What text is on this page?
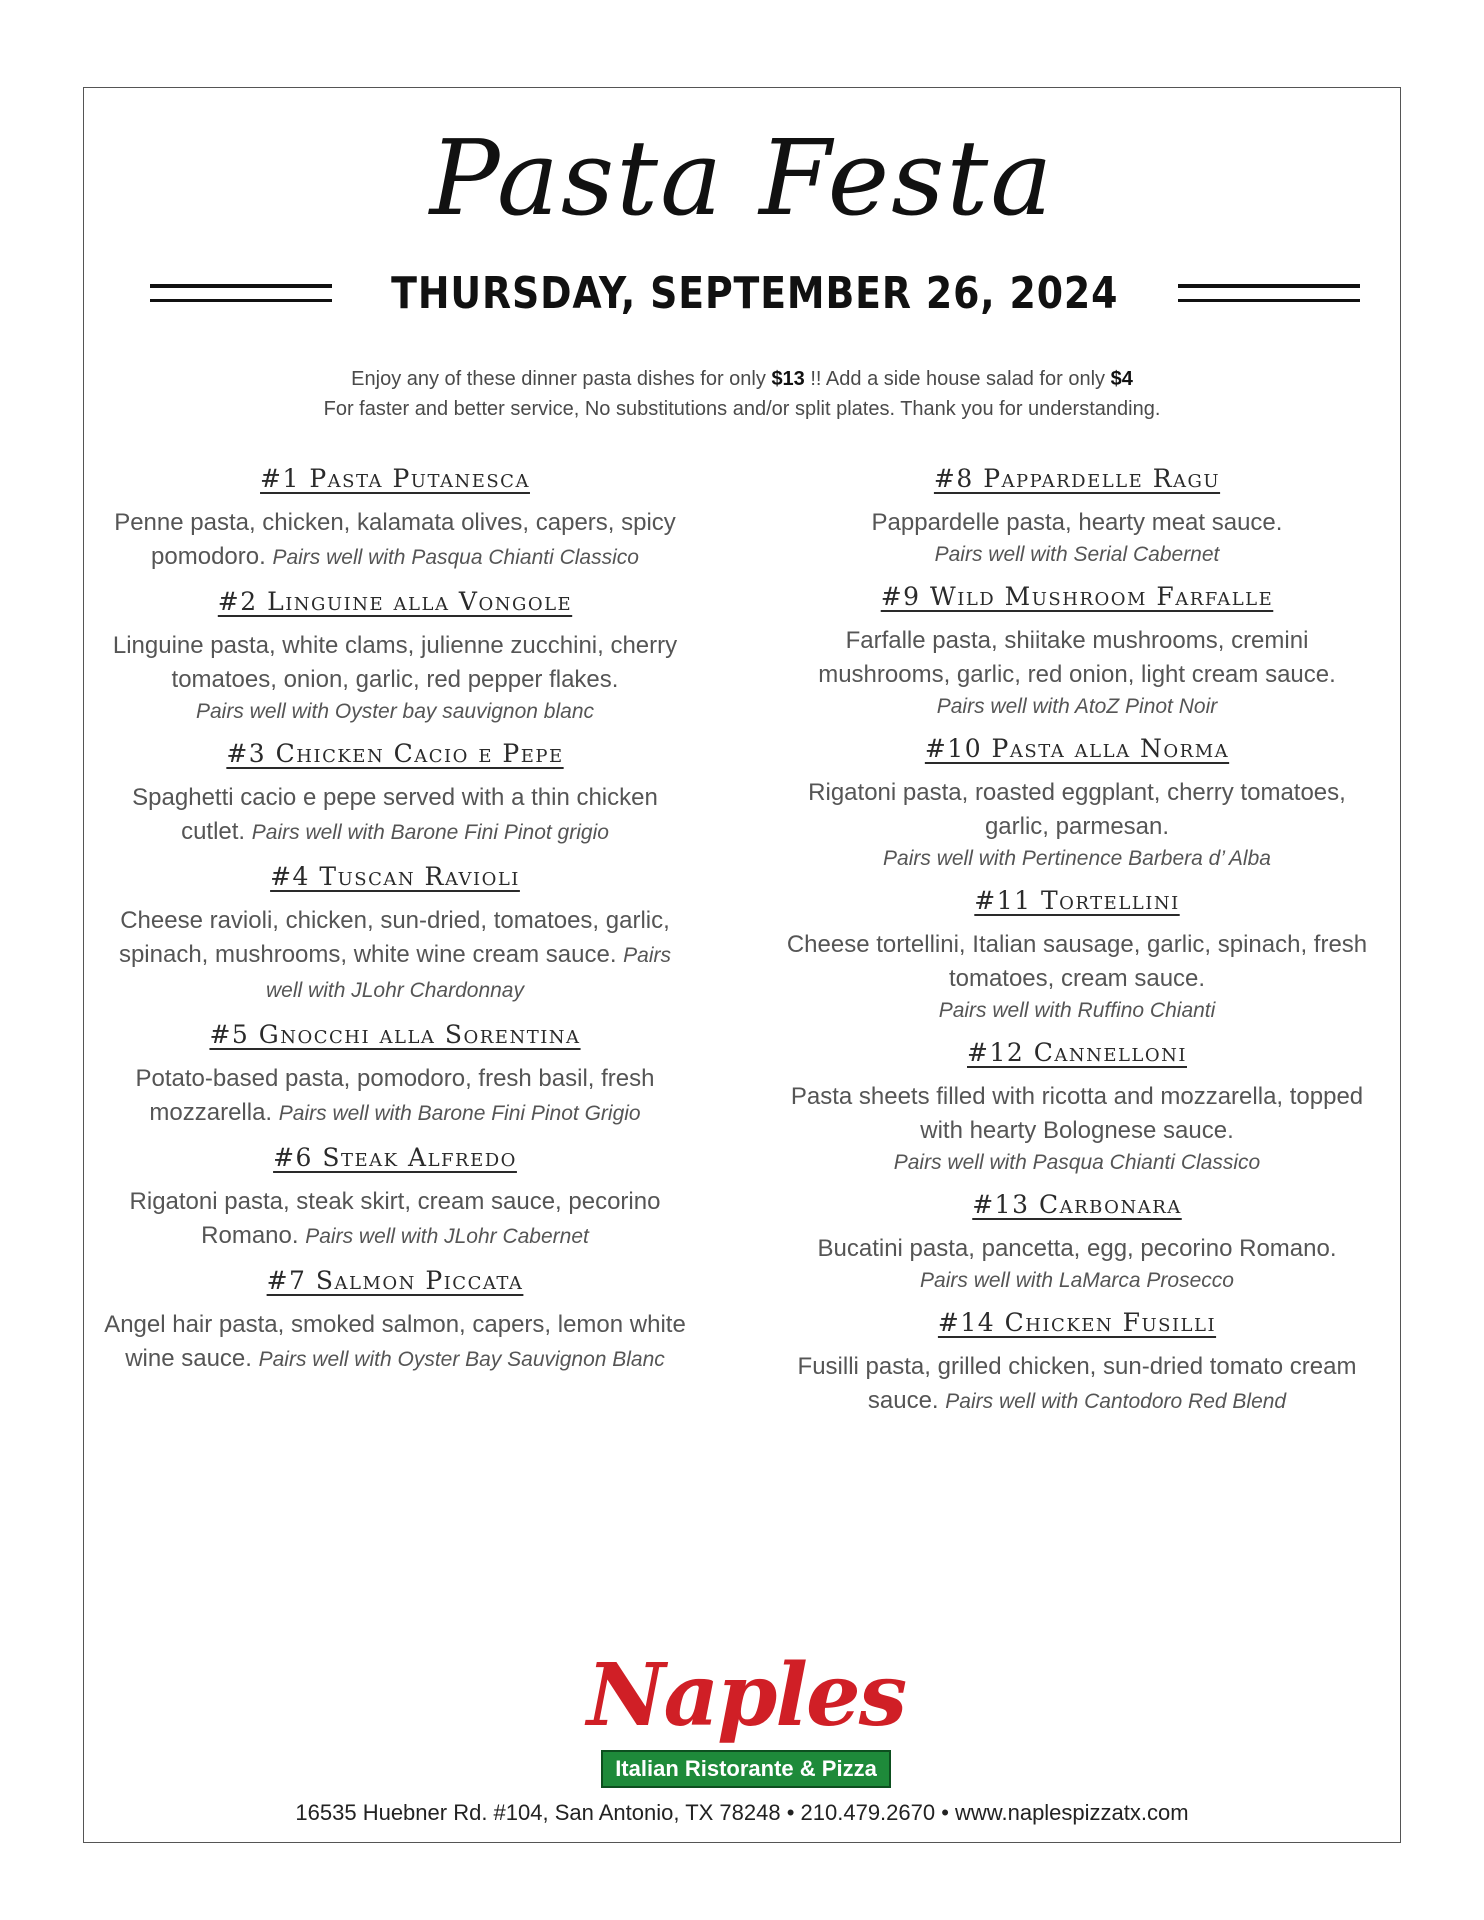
Pasta Festa
THURSDAY, SEPTEMBER 26, 2024
Enjoy any of these dinner pasta dishes for only $13 !! Add a side house salad for only $4
For faster and better service, No substitutions and/or split plates. Thank you for understanding.
#1 Pasta Putanesca
Penne pasta, chicken, kalamata olives, capers, spicy pomodoro. Pairs well with Pasqua Chianti Classico
#2 Linguine alla Vongole
Linguine pasta, white clams, julienne zucchini, cherry tomatoes, onion, garlic, red pepper flakes.
Pairs well with Oyster bay sauvignon blanc
#3 Chicken Cacio e Pepe
Spaghetti cacio e pepe served with a thin chicken cutlet. Pairs well with Barone Fini Pinot grigio
#4 Tuscan Ravioli
Cheese ravioli, chicken, sun-dried, tomatoes, garlic, spinach, mushrooms, white wine cream sauce. Pairs well with JLohr Chardonnay
#5 Gnocchi alla Sorentina
Potato-based pasta, pomodoro, fresh basil, fresh mozzarella. Pairs well with Barone Fini Pinot Grigio
#6 Steak Alfredo
Rigatoni pasta, steak skirt, cream sauce, pecorino Romano. Pairs well with JLohr Cabernet
#7 Salmon Piccata
Angel hair pasta, smoked salmon, capers, lemon white wine sauce. Pairs well with Oyster Bay Sauvignon Blanc
#8 Pappardelle Ragu
Pappardelle pasta, hearty meat sauce.
Pairs well with Serial Cabernet
#9 Wild Mushroom Farfalle
Farfalle pasta, shiitake mushrooms, cremini mushrooms, garlic, red onion, light cream sauce.
Pairs well with AtoZ Pinot Noir
#10 Pasta alla Norma
Rigatoni pasta, roasted eggplant, cherry tomatoes, garlic, parmesan.
Pairs well with Pertinence Barbera d’ Alba
#11 Tortellini
Cheese tortellini, Italian sausage, garlic, spinach, fresh tomatoes, cream sauce.
Pairs well with Ruffino Chianti
#12 Cannelloni
Pasta sheets filled with ricotta and mozzarella, topped with hearty Bolognese sauce.
Pairs well with Pasqua Chianti Classico
#13 Carbonara
Bucatini pasta, pancetta, egg, pecorino Romano.
Pairs well with LaMarca Prosecco
#14 Chicken Fusilli
Fusilli pasta, grilled chicken, sun-dried tomato cream sauce. Pairs well with Cantodoro Red Blend
Naples
Italian Ristorante & Pizza
16535 Huebner Rd. #104, San Antonio, TX 78248 • 210.479.2670 • www.naplespizzatx.com
